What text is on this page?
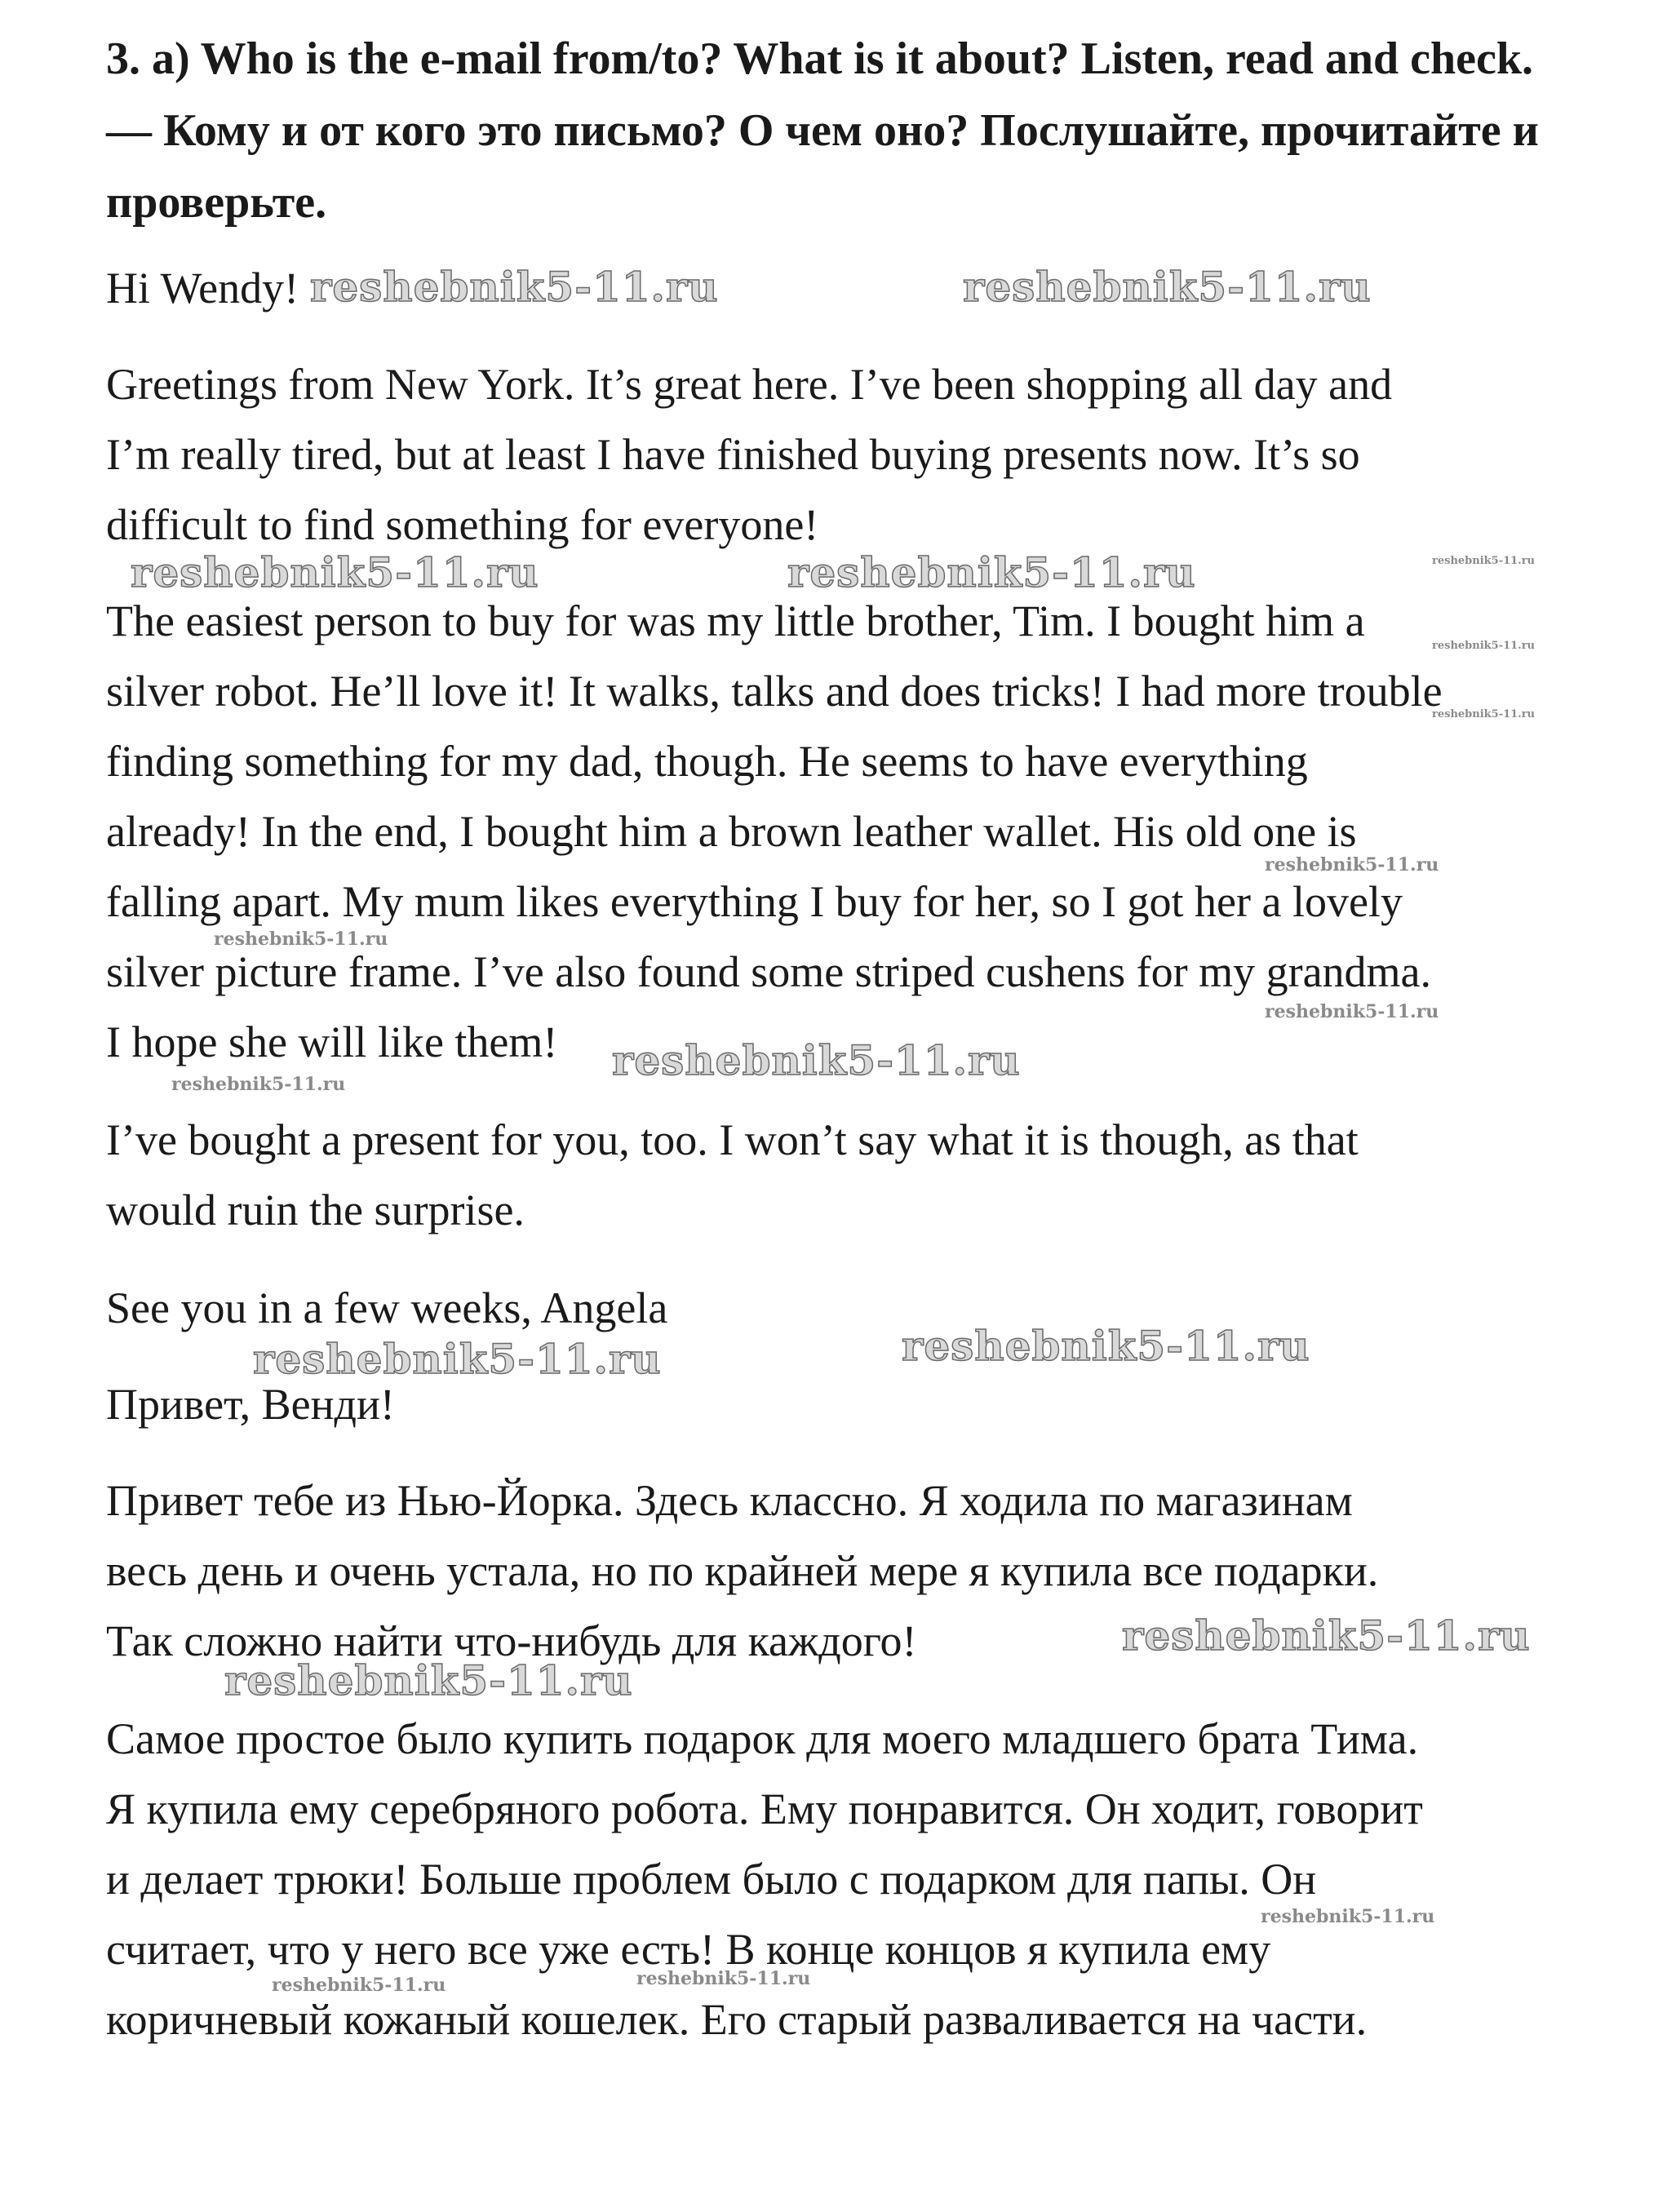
3. a) Who is the e-mail from/to? What is it about? Listen, read and check. — Кому и от кого это письмо? О чем оно? Послушайте, прочитайте и проверьте.

Hi Wendy!

Greetings from New York. It’s great here. I’ve been shopping all day and

I’m really tired, but at least I have finished buying presents now. It’s so

difficult to find something for everyone!

The easiest person to buy for was my little brother, Tim. I bought him a

silver robot. He’ll love it! It walks, talks and does tricks! I had more trouble

finding something for my dad, though. He seems to have everything

already! In the end, I bought him a brown leather wallet. His old one is

falling apart. My mum likes everything I buy for her, so I got her a lovely

silver picture frame. I’ve also found some striped cushens for my grandma.

I hope she will like them!

I’ve bought a present for you, too. I won’t say what it is though, as that

would ruin the surprise.

See you in a few weeks, Angela

Привет, Венди!

Привет тебе из Нью-Йорка. Здесь классно. Я ходила по магазинам

весь день и очень устала, но по крайней мере я купила все подарки.

Так сложно найти что-нибудь для каждого!

Самое простое было купить подарок для моего младшего брата Тима.

Я купила ему серебряного робота. Ему понравится. Он ходит, говорит

и делает трюки! Больше проблем было с подарком для папы. Он

считает, что у него все уже есть! В конце концов я купила ему

коричневый кожаный кошелек. Его старый разваливается на части.

reshebnik5-11.ru	reshebnik5-11.ru
reshebnik5-11.ru	reshebnik5-11.ru	reshebnik5-11.ru
reshebnik5-11.ru
reshebnik5-11.ru
reshebnik5-11.ru
reshebnik5-11.ru
reshebnik5-11.ru
reshebnik5-11.ru	reshebnik5-11.ru
reshebnik5-11.ru	reshebnik5-11.ru
reshebnik5-11.ru
reshebnik5-11.ru
reshebnik5-11.ru
reshebnik5-11.ru	reshebnik5-11.ru
